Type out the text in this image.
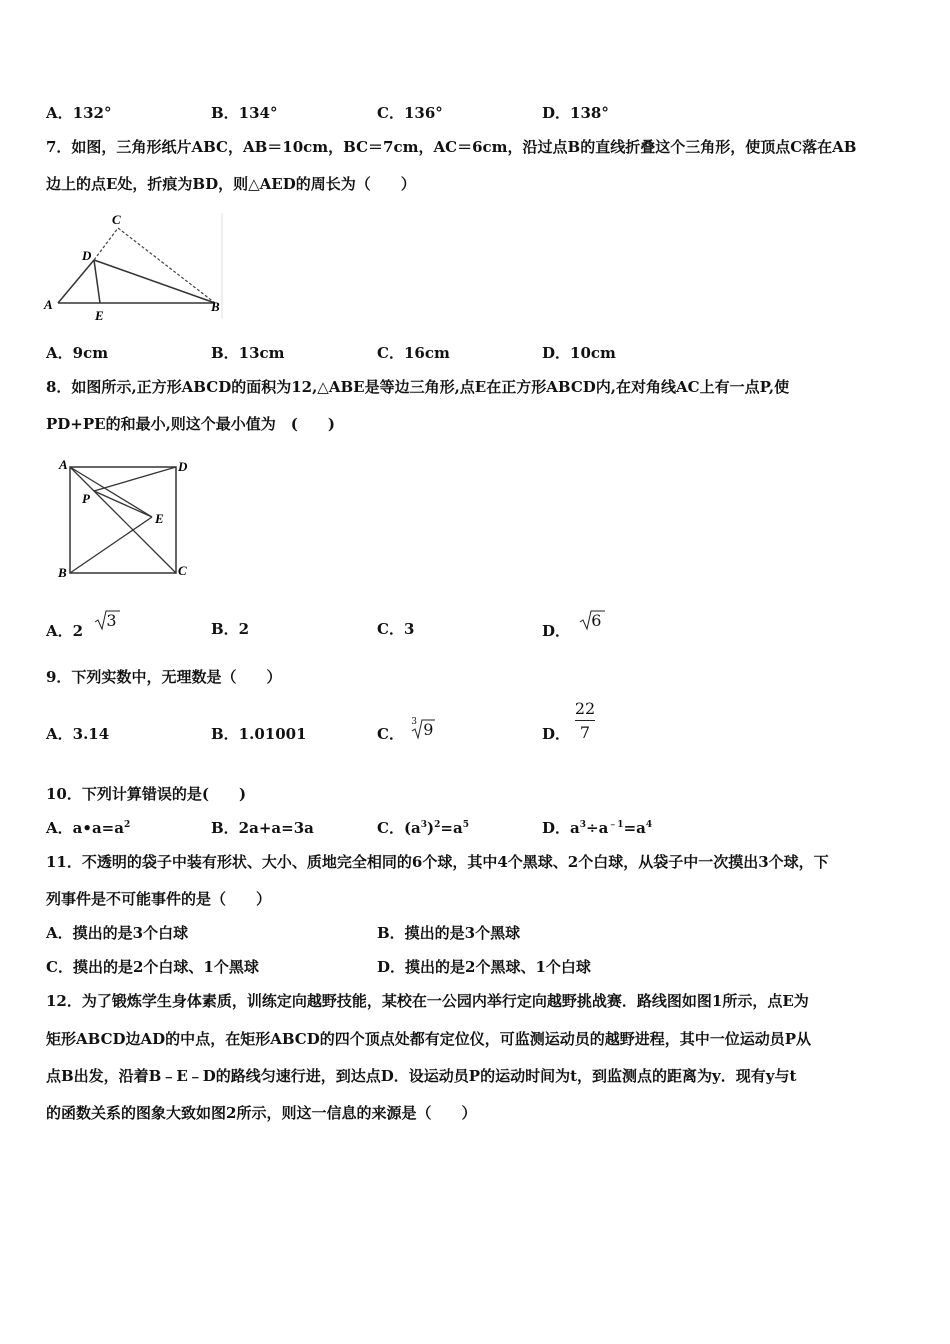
A．132°	B．134°	C．136°	D．138°
7．如图，三角形纸片ABC，AB＝10cm，BC＝7cm，AC＝6cm，沿过点B的直线折叠这个三角形，使顶点C落在AB
边上的点E处，折痕为BD，则△AED的周长为（　　）
C
D
A
E
B
A．9cm	B．13cm	C．16cm	D．10cm
8．如图所示,正方形ABCD的面积为12,△ABE是等边三角形,点E在正方形ABCD内,在对角线AC上有一点P,使
PD+PE的和最小,则这个最小值为　(　　)
A	D
P
E
B	C
A．2
3	B．2	C．3	D．
6
9．下列实数中，无理数是（　　）
A．3.14	B．1.01001	C．
3 9	D．
22
7
10．下列计算错误的是(　　)
A．$a•a=a^2$	B．2a+a=3a	C．$(a^3)^2=a^5$	D．$a^3\div a^{﹣1}=a^4$
11．不透明的袋子中装有形状、大小、质地完全相同的6个球，其中4个黑球、2个白球，从袋子中一次摸出3个球，下
列事件是不可能事件的是（　　）
A．摸出的是3个白球	B．摸出的是3个黑球
C．摸出的是2个白球、1个黑球	D．摸出的是2个黑球、1个白球
12．为了锻炼学生身体素质，训练定向越野技能，某校在一公园内举行定向越野挑战赛．路线图如图1所示，点E为
矩形ABCD边AD的中点，在矩形ABCD的四个顶点处都有定位仪，可监测运动员的越野进程，其中一位运动员P从
点B出发，沿着B﹣E﹣D的路线匀速行进，到达点D．设运动员P的运动时间为t，到监测点的距离为y．现有y与t
的函数关系的图象大致如图2所示，则这一信息的来源是（　　）
